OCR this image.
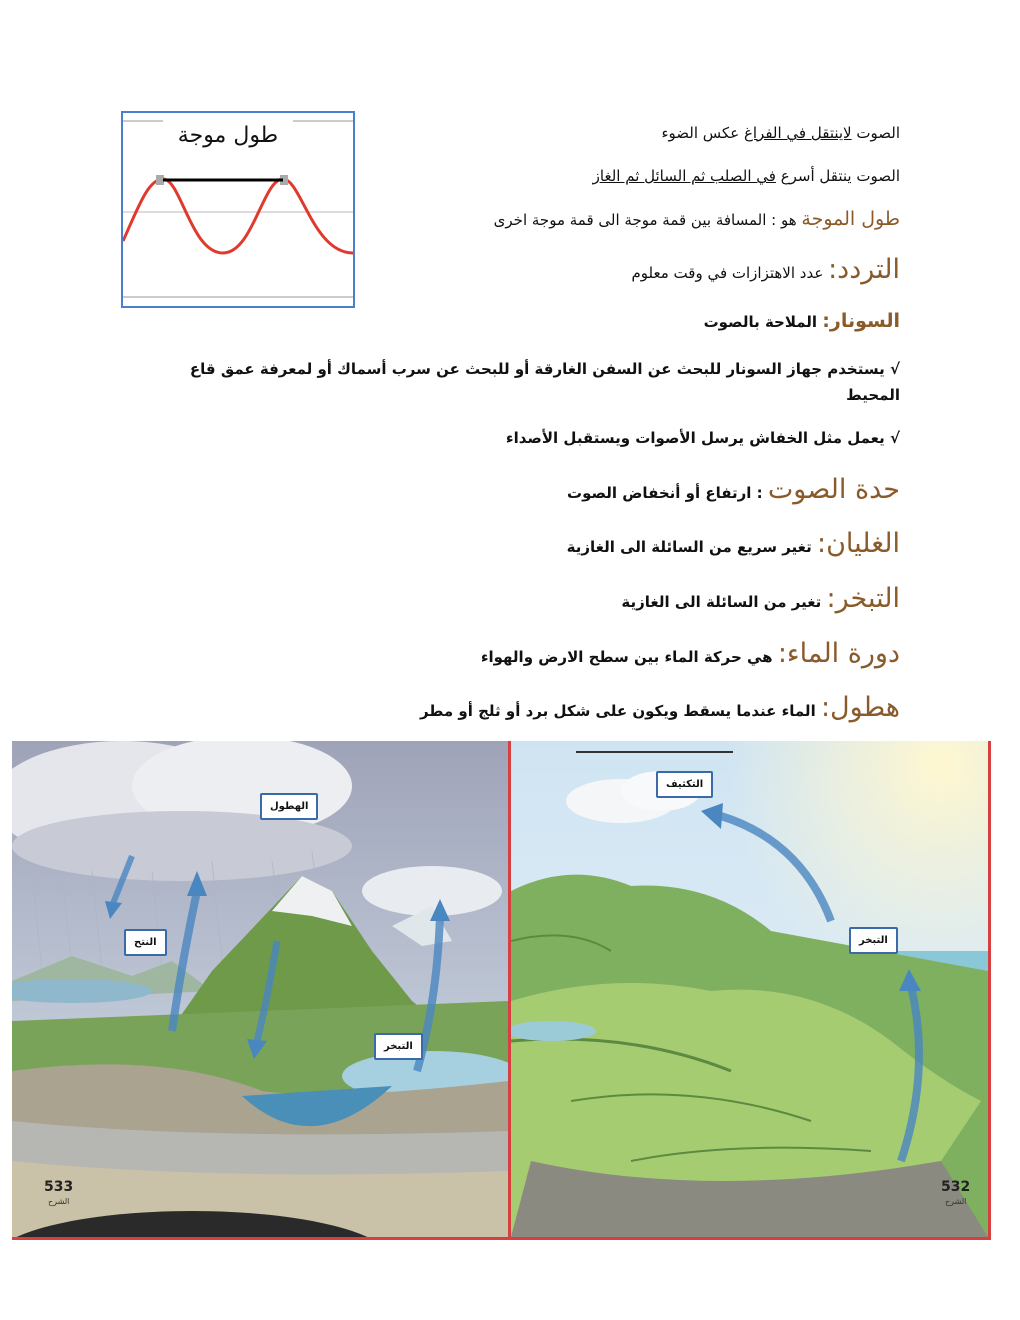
طول موجة	الصوت لاينتقل في الفراغ عكس الضوء
الصوت ينتقل أسرع في الصلب ثم السائل ثم الغاز
طول الموجة هو : المسافة بين قمة موجة الى قمة موجة اخرى
التردد: عدد الاهتزازات في وقت معلوم
السونار: الملاحة بالصوت
√ يستخدم جهاز السونار للبحث عن السفن الغارقة أو للبحث عن سرب أسماك أو لمعرفة عمق قاع المحيط
√ يعمل مثل الخفاش يرسل الأصوات ويستقبل الأصداء
حدة الصوت : ارتفاع أو أنخفاض الصوت
الغليان: تغير سريع من السائلة الى الغازية
التبخر: تغير من السائلة الى الغازية
دورة الماء: هي حركة الماء بين سطح الارض والهواء
هطول: الماء عندما يسقط ويكون على شكل برد أو ثلج أو مطر
الهطول
النتح
التبخر
533
الشرح
التكثيف
التبخر
532
الشرح
